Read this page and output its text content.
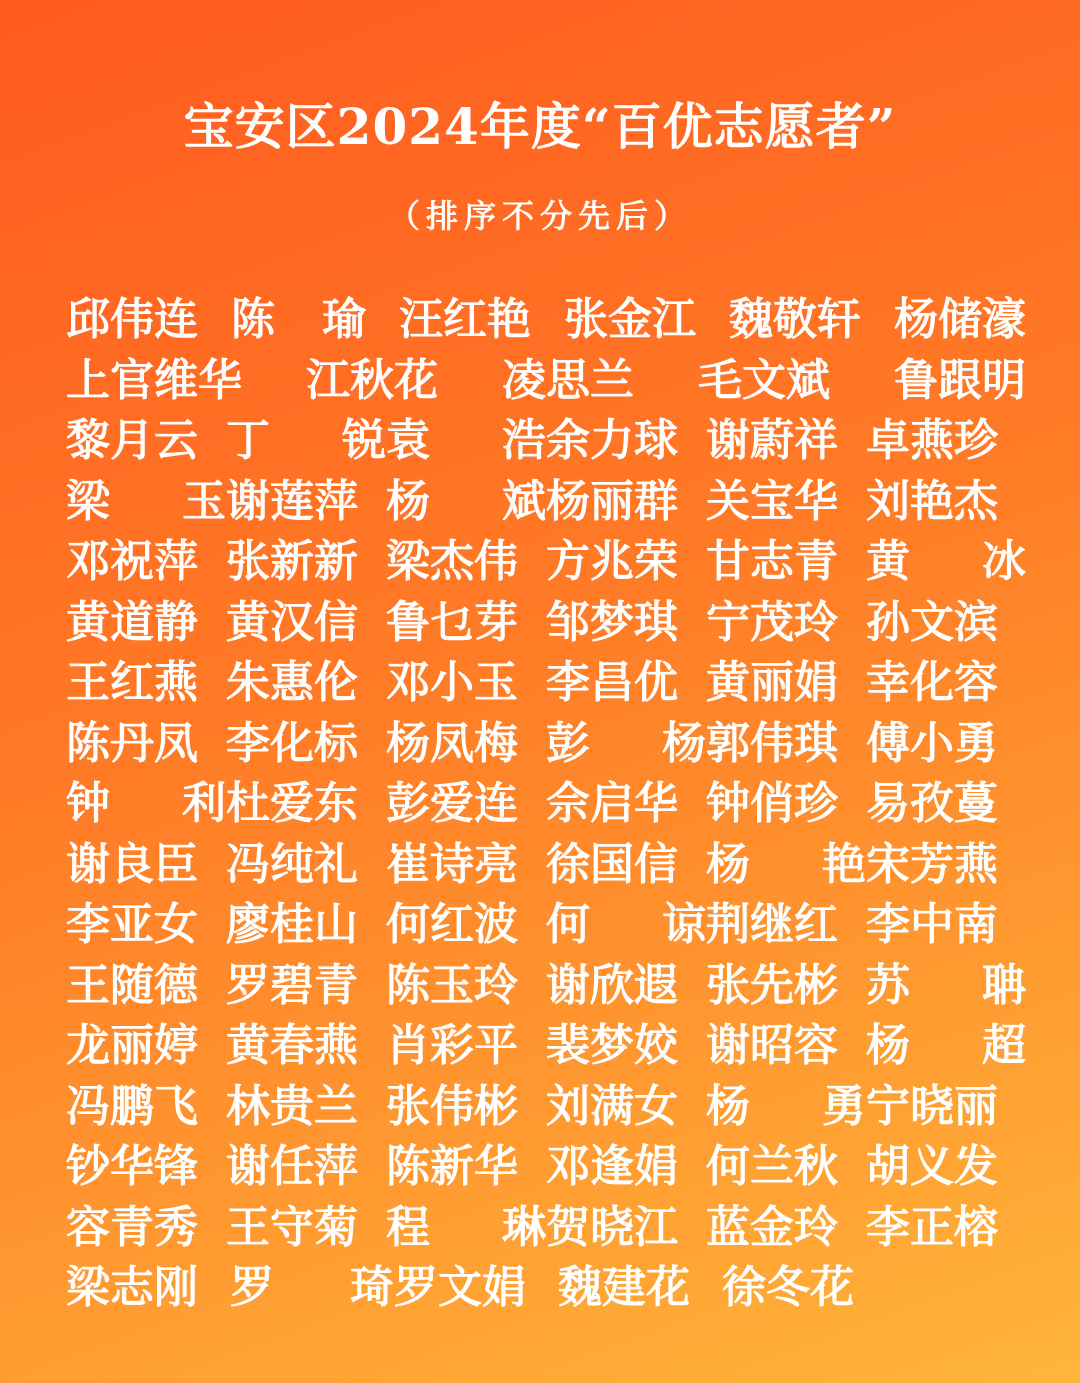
宝安区2024年度“百优志愿者”
（排序不分先后）
邱伟连 陈 瑜 汪红艳 张金江 魏敬轩 杨储濠
上官维华 江秋花 凌思兰 毛文斌 鲁跟明
黎月云 丁 锐 袁 浩 余力球 谢蔚祥 卓燕珍
梁 玉 谢莲萍 杨 斌 杨丽群 关宝华 刘艳杰
邓祝萍 张新新 梁杰伟 方兆荣 甘志青 黄 冰
黄道静 黄汉信 鲁乜芽 邹梦琪 宁茂玲 孙文滨
王红燕 朱惠伦 邓小玉 李昌优 黄丽娟 幸化容
陈丹凤 李化标 杨凤梅 彭 杨 郭伟琪 傅小勇
钟 利 杜爱东 彭爱连 佘启华 钟俏珍 易孜蔓
谢良臣 冯纯礼 崔诗亮 徐国信 杨 艳 宋芳燕
李亚女 廖桂山 何红波 何 谅 荆继红 李中南
王随德 罗碧青 陈玉玲 谢欣遐 张先彬 苏 聃
龙丽婷 黄春燕 肖彩平 裴梦姣 谢昭容 杨 超
冯鹏飞 林贵兰 张伟彬 刘满女 杨 勇 宁晓丽
钞华锋 谢任萍 陈新华 邓逢娟 何兰秋 胡义发
容青秀 王守菊 程 琳 贺晓江 蓝金玲 李正榕
梁志刚 罗 琦 罗文娟 魏建花 徐冬花
